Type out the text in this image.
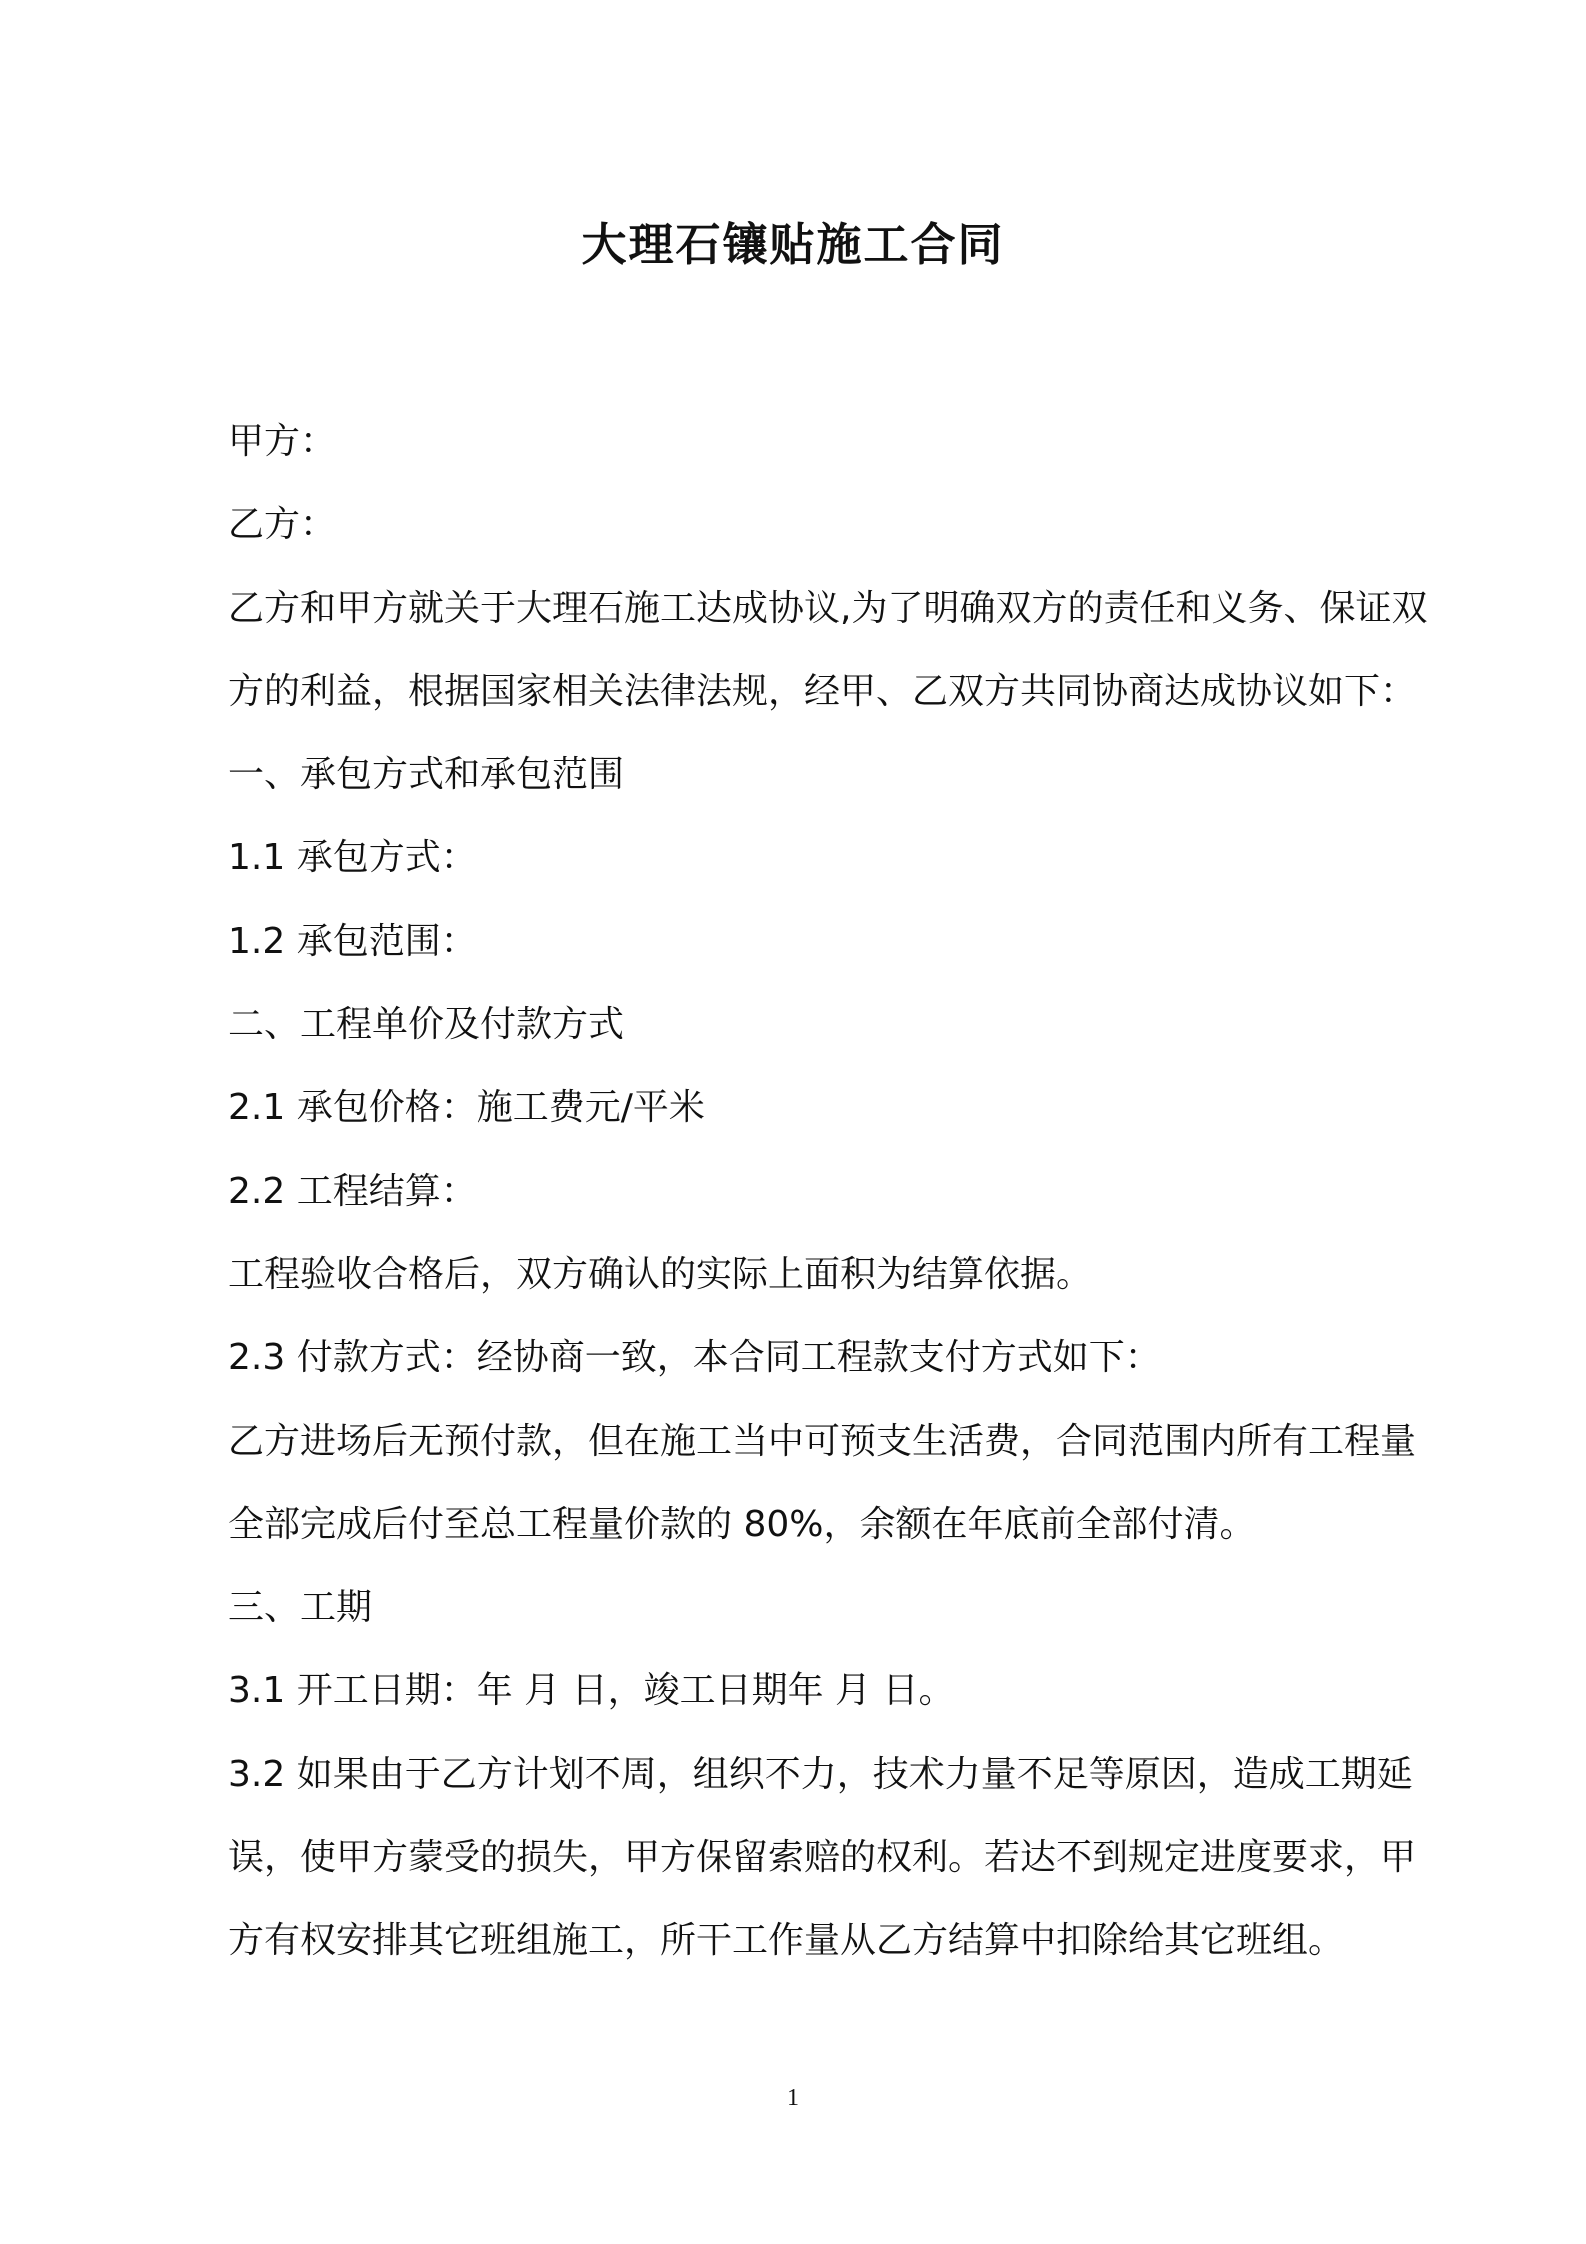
大理石镶贴施工合同

甲方：

乙方：

乙方和甲方就关于大理石施工达成协议,为了明确双方的责任和义务、保证双方的利益，根据国家相关法律法规，经甲、乙双方共同协商达成协议如下：

一、承包方式和承包范围

1.1 承包方式：

1.2 承包范围：

二、工程单价及付款方式

2.1 承包价格：施工费元/平米

2.2 工程结算：

工程验收合格后，双方确认的实际上面积为结算依据。

2.3 付款方式：经协商一致，本合同工程款支付方式如下：

乙方进场后无预付款，但在施工当中可预支生活费，合同范围内所有工程量全部完成后付至总工程量价款的 80%，余额在年底前全部付清。

三、工期

3.1 开工日期：年 月 日，竣工日期年 月 日。

3.2 如果由于乙方计划不周，组织不力，技术力量不足等原因，造成工期延误，使甲方蒙受的损失，甲方保留索赔的权利。若达不到规定进度要求，甲方有权安排其它班组施工，所干工作量从乙方结算中扣除给其它班组。

1
